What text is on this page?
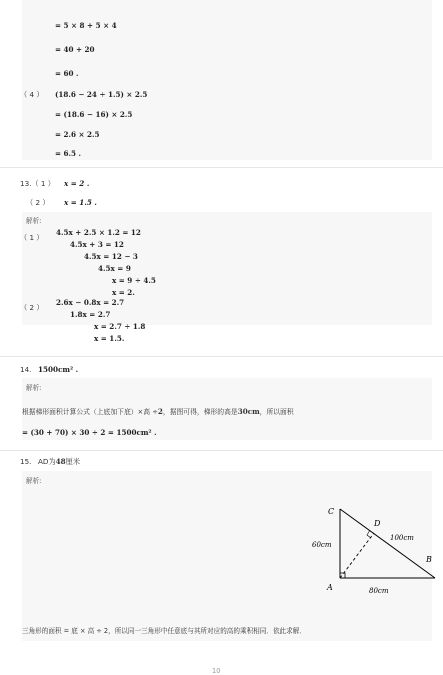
= 5 × 8 + 5 × 4
= 40 + 20
= 60 .
（ 4 ） (18.6 − 24 ÷ 1.5) × 2.5
= (18.6 − 16) × 2.5
= 2.6 × 2.5
= 6.5 .
13.（ 1 ） x = 2 .
（ 2 ） x = 1.5 .
解析:
（ 1 ）
4.5x + 2.5 × 1.2 = 12
4.5x + 3 = 12
4.5x = 12 − 3
4.5x = 9
x = 9 ÷ 4.5
x = 2.
（ 2 ）
2.6x − 0.8x = 2.7
1.8x = 2.7
x = 2.7 ÷ 1.8
x = 1.5.
14. 1500cm² .
解析:
根据梯形面积计算公式（上底加下底）×高 ÷2，据图可得，梯形的高是30cm，所以面积
= (30 + 70) × 30 ÷ 2 = 1500cm² .
15. AD为48厘米
解析:
C
D
A
B
60cm
100cm
80cm
三角形的面积 = 底 × 高 ÷ 2，所以同一三角形中任意底与其所对应的高的乘积相同．依此求解．
10
